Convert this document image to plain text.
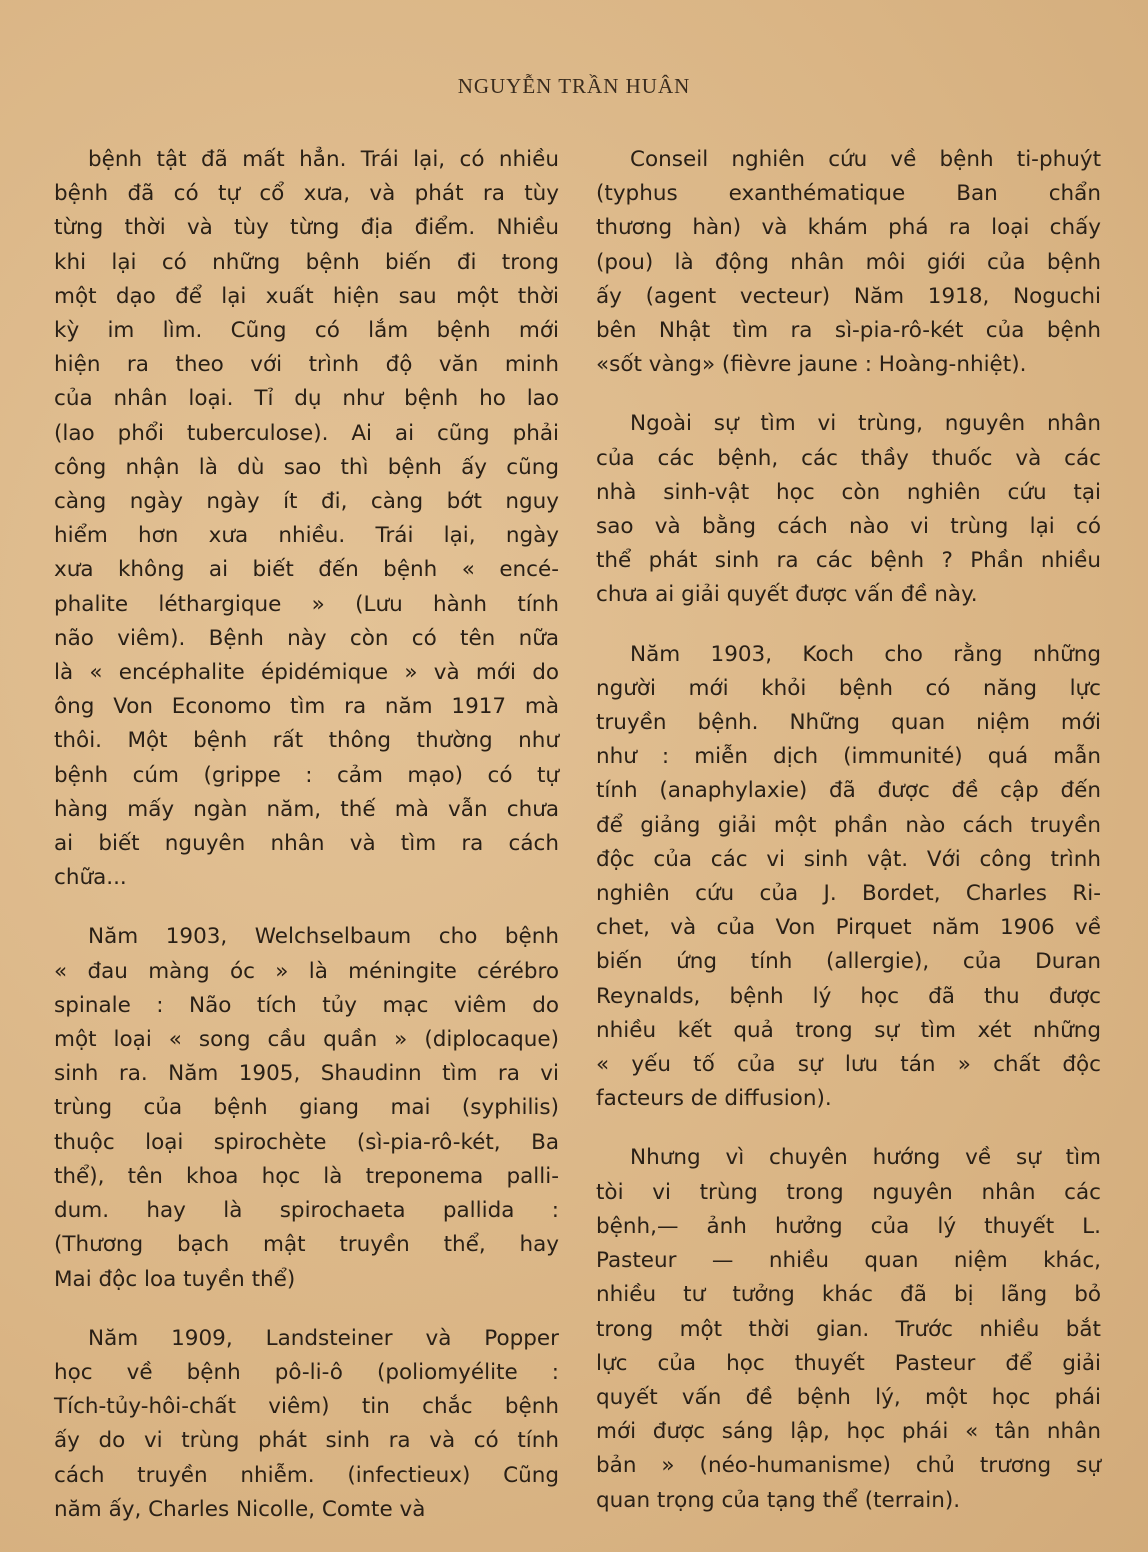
NGUYỄN TRẦN HUÂN
bệnh tật đã mất hẳn. Trái lại, có nhiều
bệnh đã có tự cổ xưa, và phát ra tùy
từng thời và tùy từng địa điểm. Nhiều
khi lại có những bệnh biến đi trong
một dạo để lại xuất hiện sau một thời
kỳ im lìm. Cũng có lắm bệnh mới
hiện ra theo với trình độ văn minh
của nhân loại. Tỉ dụ như bệnh ho lao
(lao phổi tuberculose). Ai ai cũng phải
công nhận là dù sao thì bệnh ấy cũng
càng ngày ngày ít đi, càng bớt nguy
hiểm hơn xưa nhiều. Trái lại, ngày
xưa không ai biết đến bệnh « encé-
phalite léthargique » (Lưu hành tính
não viêm). Bệnh này còn có tên nữa
là « encéphalite épidémique » và mới do
ông Von Economo tìm ra năm 1917 mà
thôi. Một bệnh rất thông thường như
bệnh cúm (grippe : cảm mạo) có tự
hàng mấy ngàn năm, thế mà vẫn chưa
ai biết nguyên nhân và tìm ra cách
chữa...
Năm 1903, Welchselbaum cho bệnh
« đau màng óc » là méningite cérébro
spinale : Não tích tủy mạc viêm do
một loại « song cầu quần » (diplocaque)
sinh ra. Năm 1905, Shaudinn tìm ra vi
trùng của bệnh giang mai (syphilis)
thuộc loại spirochète (sì-pia-rô-két, Ba
thể), tên khoa học là treponema palli-
dum. hay là spirochaeta pallida :
(Thương bạch mật truyền thể, hay
Mai độc loa tuyền thể)
Năm 1909, Landsteiner và Popper
học về bệnh pô-li-ô (poliomyélite :
Tích-tủy-hôi-chất viêm) tin chắc bệnh
ấy do vi trùng phát sinh ra và có tính
cách truyền nhiễm. (infectieux) Cũng
năm ấy, Charles Nicolle, Comte và
Conseil nghiên cứu về bệnh ti-phuýt
(typhus exanthématique Ban chẩn
thương hàn) và khám phá ra loại chấy
(pou) là động nhân môi giới của bệnh
ấy (agent vecteur) Năm 1918, Noguchi
bên Nhật tìm ra sì-pia-rô-két của bệnh
«sốt vàng» (fièvre jaune : Hoàng-nhiệt).
Ngoài sự tìm vi trùng, nguyên nhân
của các bệnh, các thầy thuốc và các
nhà sinh-vật học còn nghiên cứu tại
sao và bằng cách nào vi trùng lại có
thể phát sinh ra các bệnh ? Phần nhiều
chưa ai giải quyết được vấn đề này.
Năm 1903, Koch cho rằng những
người mới khỏi bệnh có năng lực
truyền bệnh. Những quan niệm mới
như : miễn dịch (immunité) quá mẫn
tính (anaphylaxie) đã được đề cập đến
để giảng giải một phần nào cách truyền
độc của các vi sinh vật. Với công trình
nghiên cứu của J. Bordet, Charles Ri-
chet, và của Von Pirquet năm 1906 về
biến ứng tính (allergie), của Duran
Reynalds, bệnh lý học đã thu được
nhiều kết quả trong sự tìm xét những
« yếu tố của sự lưu tán » chất độc
facteurs de diffusion).
Nhưng vì chuyên hướng về sự tìm
tòi vi trùng trong nguyên nhân các
bệnh,— ảnh hưởng của lý thuyết L.
Pasteur — nhiều quan niệm khác,
nhiều tư tưởng khác đã bị lãng bỏ
trong một thời gian. Trước nhiều bắt
lực của học thuyết Pasteur để giải
quyết vấn đề bệnh lý, một học phái
mới được sáng lập, học phái « tân nhân
bản » (néo-humanisme) chủ trương sự
quan trọng của tạng thể (terrain).
